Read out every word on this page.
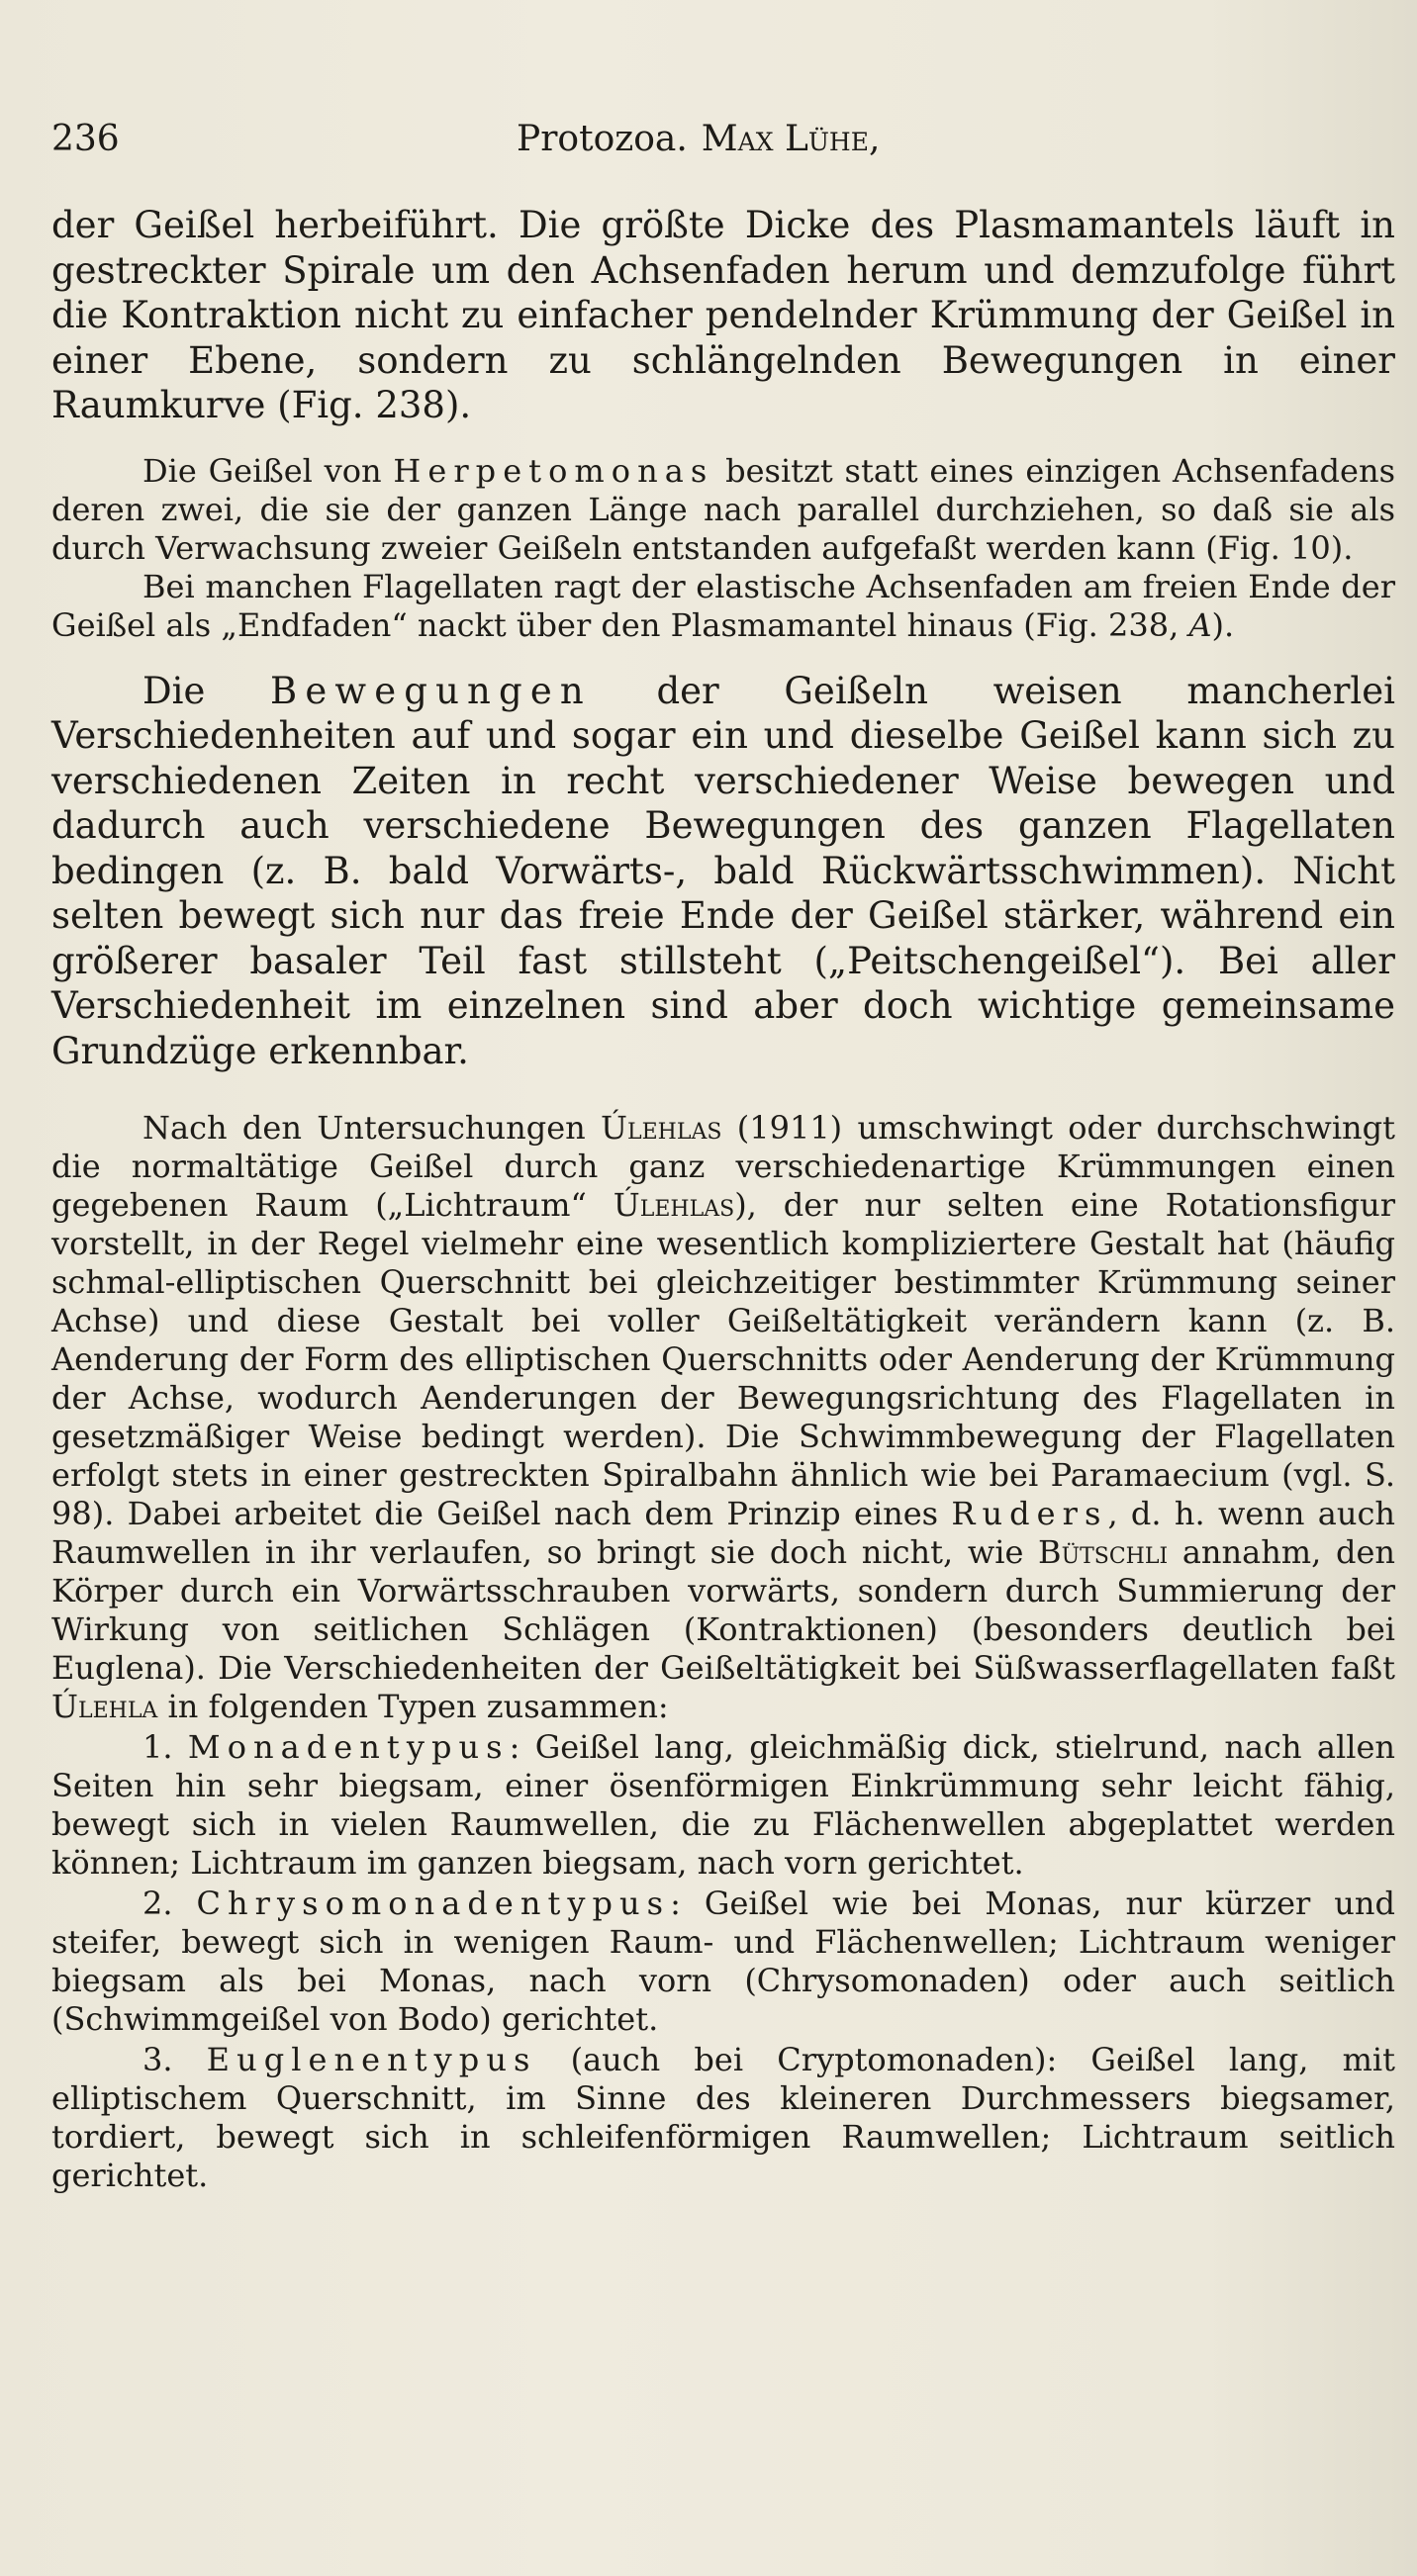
236	Protozoa. Max Lühe,

der Geißel herbeiführt. Die größte Dicke des Plasmamantels läuft in gestreckter Spirale um den Achsenfaden herum und demzufolge führt die Kontraktion nicht zu einfacher pendelnder Krümmung der Geißel in einer Ebene, sondern zu schlängelnden Bewegungen in einer Raumkurve (Fig. 238).

Die Geißel von Herpetomonas besitzt statt eines einzigen Achsenfadens deren zwei, die sie der ganzen Länge nach parallel durchziehen, so daß sie als durch Verwachsung zweier Geißeln entstanden aufgefaßt werden kann (Fig. 10).

Bei manchen Flagellaten ragt der elastische Achsenfaden am freien Ende der Geißel als „Endfaden“ nackt über den Plasmamantel hinaus (Fig. 238, A).

Die Bewegungen der Geißeln weisen mancherlei Verschiedenheiten auf und sogar ein und dieselbe Geißel kann sich zu verschiedenen Zeiten in recht verschiedener Weise bewegen und dadurch auch verschiedene Bewegungen des ganzen Flagellaten bedingen (z. B. bald Vorwärts-, bald Rückwärtsschwimmen). Nicht selten bewegt sich nur das freie Ende der Geißel stärker, während ein größerer basaler Teil fast stillsteht („Peitschengeißel“). Bei aller Verschiedenheit im einzelnen sind aber doch wichtige gemeinsame Grundzüge erkennbar.

Nach den Untersuchungen Úlehlas (1911) umschwingt oder durchschwingt die normaltätige Geißel durch ganz verschiedenartige Krümmungen einen gegebenen Raum („Lichtraum“ Úlehlas), der nur selten eine Rotationsfigur vorstellt, in der Regel vielmehr eine wesentlich kompliziertere Gestalt hat (häufig schmal-elliptischen Querschnitt bei gleichzeitiger bestimmter Krümmung seiner Achse) und diese Gestalt bei voller Geißeltätigkeit verändern kann (z. B. Aenderung der Form des elliptischen Querschnitts oder Aenderung der Krümmung der Achse, wodurch Aenderungen der Bewegungsrichtung des Flagellaten in gesetzmäßiger Weise bedingt werden). Die Schwimmbewegung der Flagellaten erfolgt stets in einer gestreckten Spiralbahn ähnlich wie bei Paramaecium (vgl. S. 98). Dabei arbeitet die Geißel nach dem Prinzip eines Ruders, d. h. wenn auch Raumwellen in ihr verlaufen, so bringt sie doch nicht, wie Bütschli annahm, den Körper durch ein Vorwärtsschrauben vorwärts, sondern durch Summierung der Wirkung von seitlichen Schlägen (Kontraktionen) (besonders deutlich bei Euglena). Die Verschiedenheiten der Geißeltätigkeit bei Süßwasserflagellaten faßt Úlehla in folgenden Typen zusammen:

1. Monadentypus: Geißel lang, gleichmäßig dick, stielrund, nach allen Seiten hin sehr biegsam, einer ösenförmigen Einkrümmung sehr leicht fähig, bewegt sich in vielen Raumwellen, die zu Flächenwellen abgeplattet werden können; Lichtraum im ganzen biegsam, nach vorn gerichtet.

2. Chrysomonadentypus: Geißel wie bei Monas, nur kürzer und steifer, bewegt sich in wenigen Raum- und Flächenwellen; Lichtraum weniger biegsam als bei Monas, nach vorn (Chrysomonaden) oder auch seitlich (Schwimmgeißel von Bodo) gerichtet.

3. Euglenentypus (auch bei Cryptomonaden): Geißel lang, mit elliptischem Querschnitt, im Sinne des kleineren Durchmessers biegsamer, tordiert, bewegt sich in schleifenförmigen Raumwellen; Lichtraum seitlich gerichtet.
